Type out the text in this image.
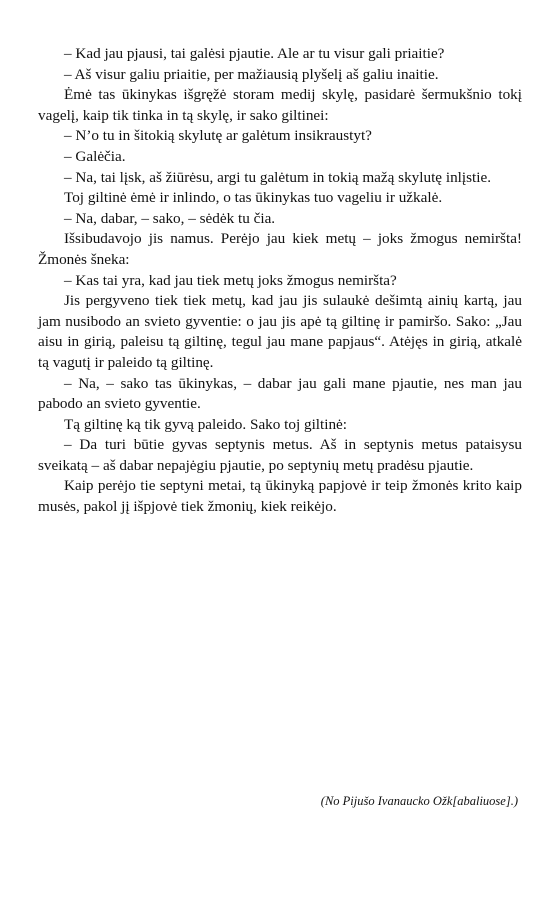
– Kad jau pjausi, tai galėsi pjautie. Ale ar tu visur gali priaitie?

– Aš visur galiu priaitie, per mažiausią plyšelį aš galiu inaitie.

Ėmė tas ūkinykas išgręžė storam medij skylę, pasidarė šermukšnio tokį vagelį, kaip tik tinka in tą skylę, ir sako giltinei:

– N’o tu in šitokią skylutę ar galėtum insikraustyt?

– Galėčia.

– Na, tai lįsk, aš žiūrėsu, argi tu galėtum in tokią mažą skylutę inlįstie.

Toj giltinė ėmė ir inlindo, o tas ūkinykas tuo vageliu ir užkalė.

– Na, dabar, – sako, – sėdėk tu čia.

Išsibudavojo jis namus. Perėjo jau kiek metų – joks žmogus nemiršta! Žmonės šneka:

– Kas tai yra, kad jau tiek metų joks žmogus nemiršta?

Jis pergyveno tiek tiek metų, kad jau jis sulaukė dešimtą ainių kartą, jau jam nusibodo an svieto gyventie: o jau jis apė tą giltinę ir pamiršo. Sako: „Jau aisu in girią, paleisu tą giltinę, tegul jau mane papjaus“. Atėjęs in girią, atkalė tą vagutį ir paleido tą giltinę.

– Na, – sako tas ūkinykas, – dabar jau gali mane pjautie, nes man jau pabodo an svieto gyventie.

Tą giltinę ką tik gyvą paleido. Sako toj giltinė:

– Da turi būtie gyvas septynis metus. Aš in septynis metus pataisysu sveikatą – aš dabar nepajėgiu pjautie, po septynių metų pradėsu pjautie.

Kaip perėjo tie septyni metai, tą ūkinyką papjovė ir teip žmonės krito kaip musės, pakol jį išpjovė tiek žmonių, kiek reikėjo.

(No Pijušo Ivanaucko Ožk[abaliuose].)
